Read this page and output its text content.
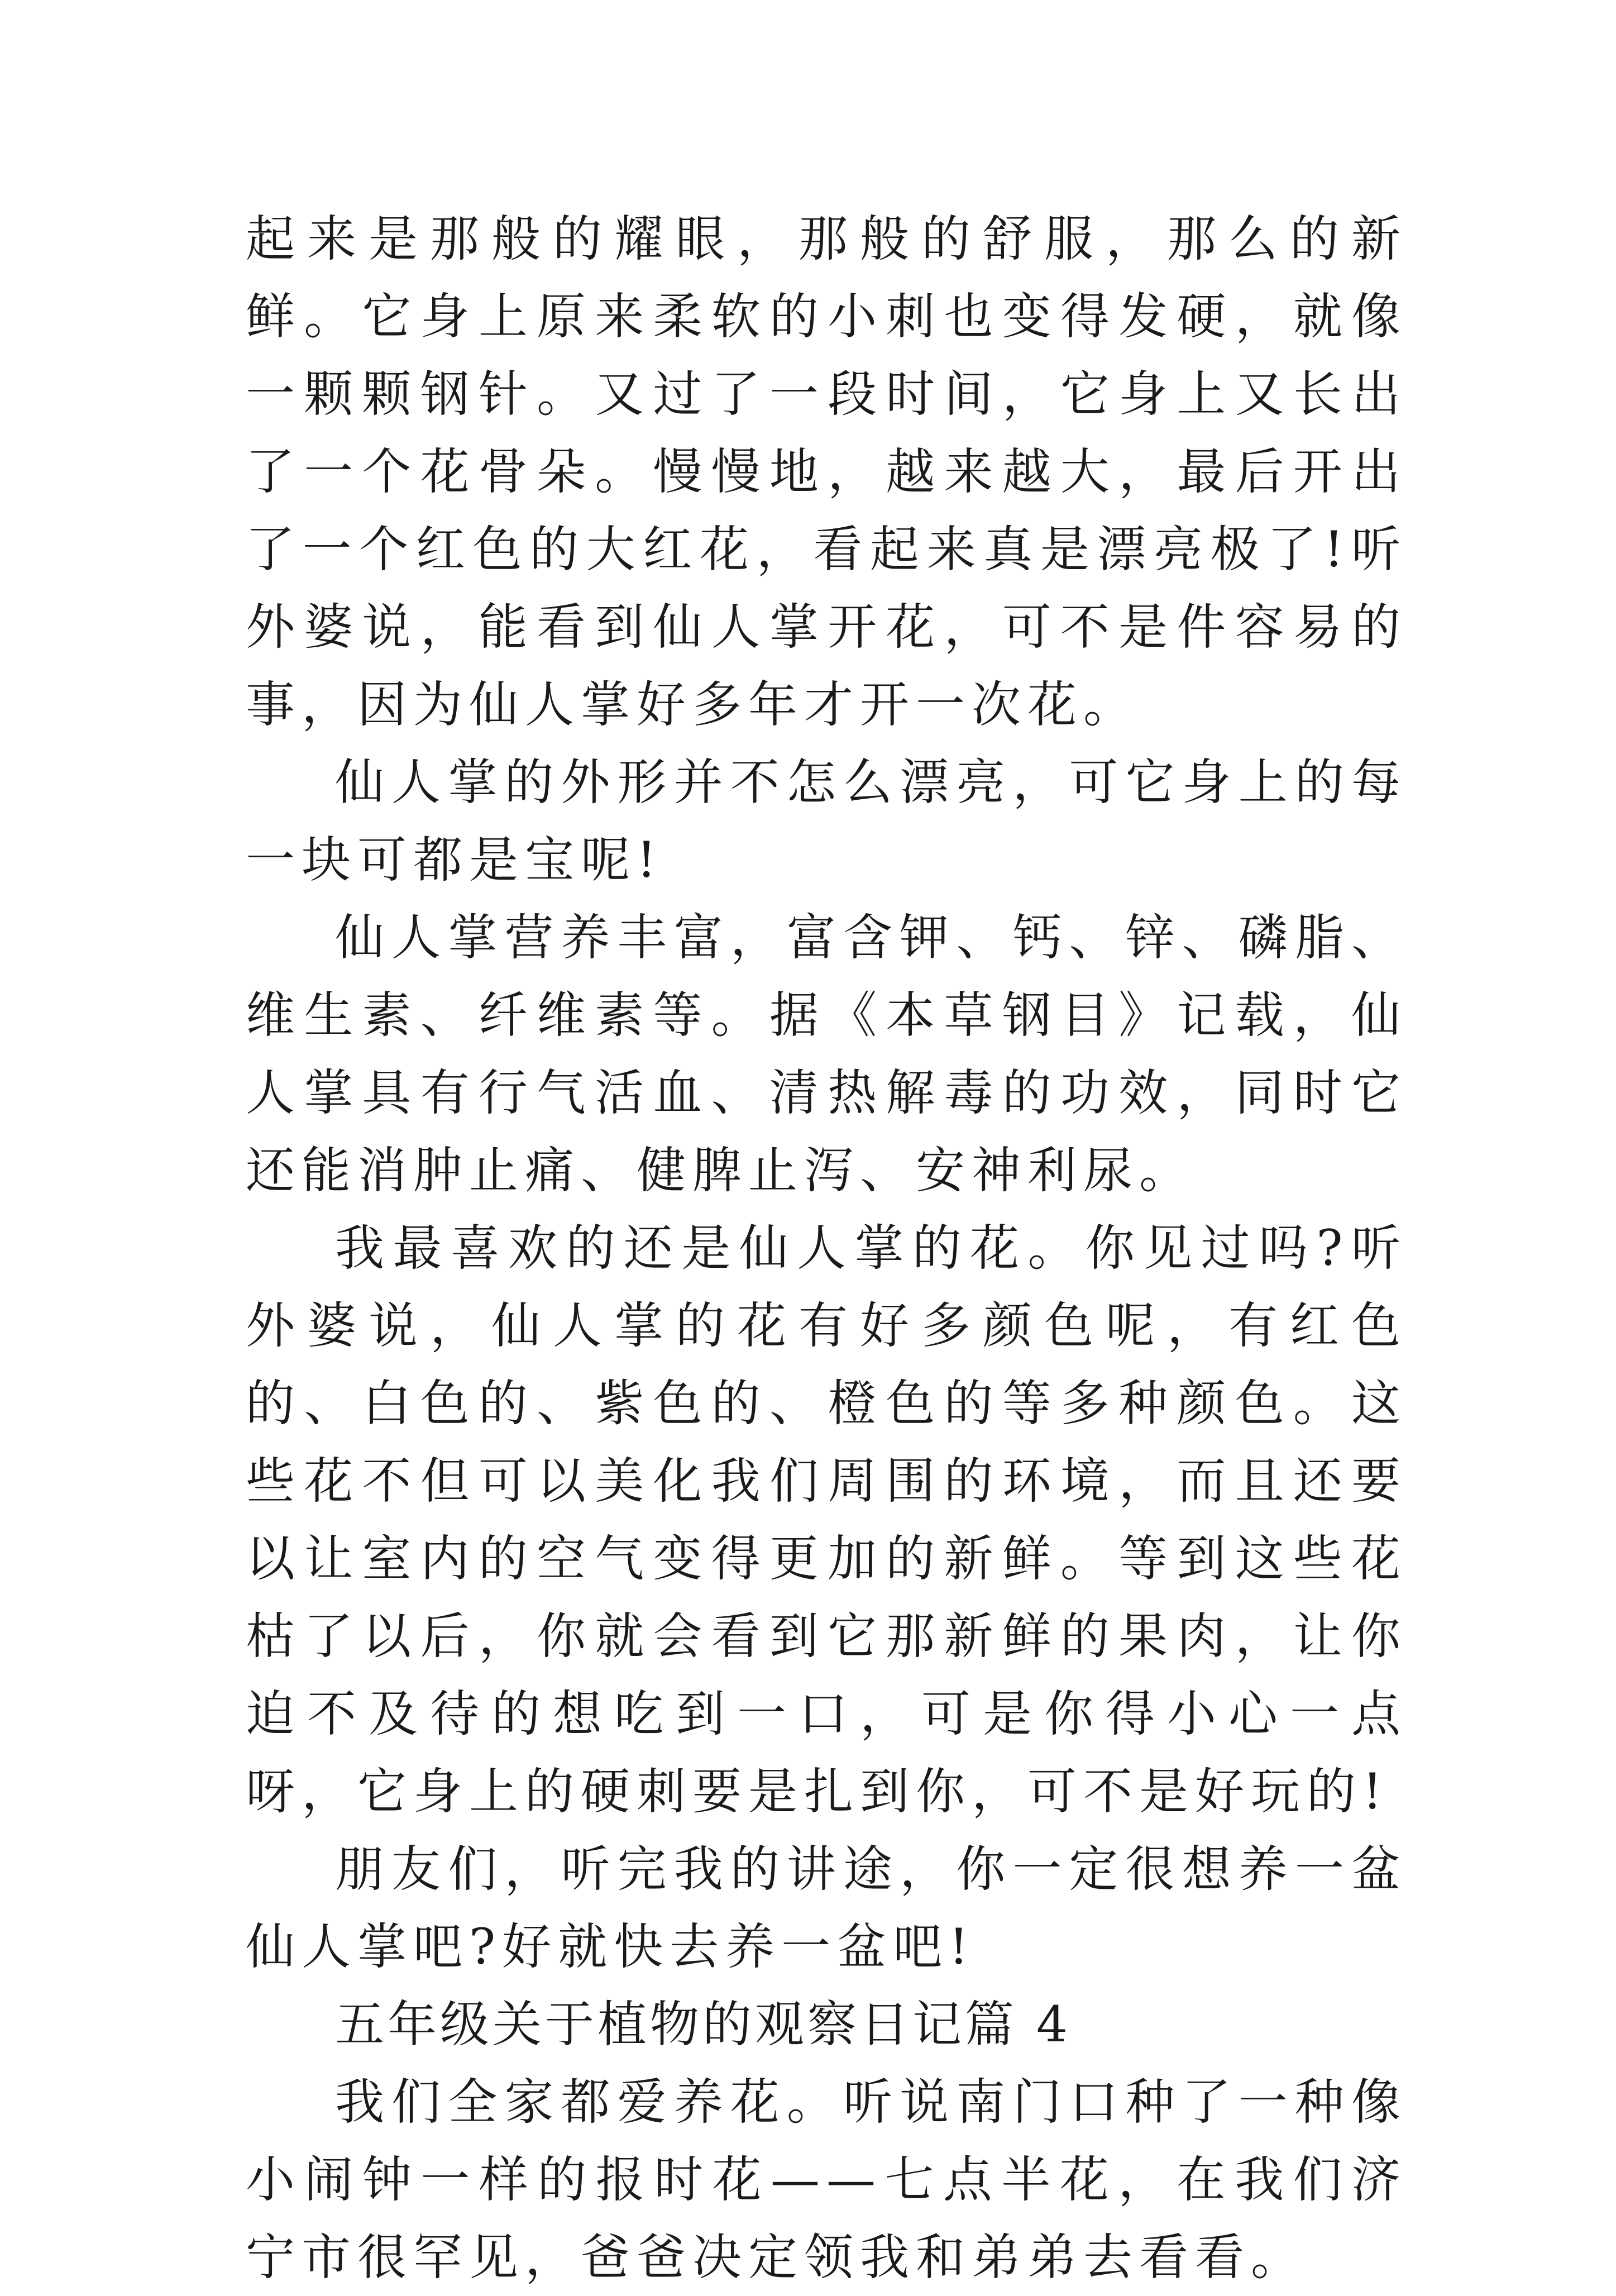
起来是那般的耀眼，那般的舒服，那么的新鲜。它身上原来柔软的小刺也变得发硬，就像一颗颗钢针。又过了一段时间，它身上又长出了一个花骨朵。慢慢地，越来越大，最后开出了一个红色的大红花，看起来真是漂亮极了!听外婆说，能看到仙人掌开花，可不是件容易的事，因为仙人掌好多年才开一次花。

仙人掌的外形并不怎么漂亮，可它身上的每一块可都是宝呢!

仙人掌营养丰富，富含钾、钙、锌、磷脂、维生素、纤维素等。据《本草钢目》记载，仙人掌具有行气活血、清热解毒的功效，同时它还能消肿止痛、健脾止泻、安神利尿。

我最喜欢的还是仙人掌的花。你见过吗?听外婆说，仙人掌的花有好多颜色呢，有红色的、白色的、紫色的、橙色的等多种颜色。这些花不但可以美化我们周围的环境，而且还要以让室内的空气变得更加的新鲜。等到这些花枯了以后，你就会看到它那新鲜的果肉，让你迫不及待的想吃到一口，可是你得小心一点呀，它身上的硬刺要是扎到你，可不是好玩的!

朋友们，听完我的讲途，你一定很想养一盆仙人掌吧?好就快去养一盆吧!

五年级关于植物的观察日记篇 4

我们全家都爱养花。听说南门口种了一种像小闹钟一样的报时花——七点半花，在我们济宁市很罕见，爸爸决定领我和弟弟去看看。
